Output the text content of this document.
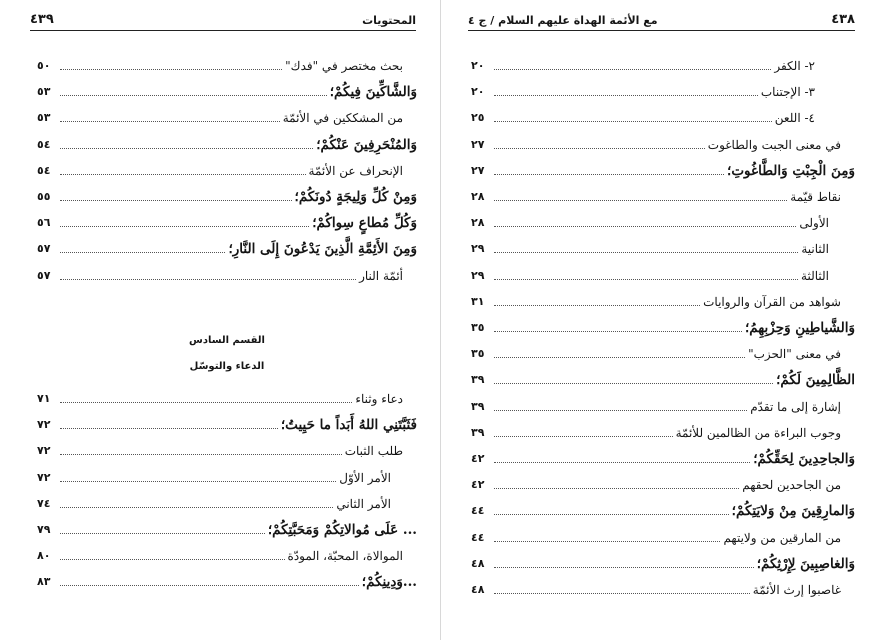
٤٣٩	المحتويات
بحث مختصر في "فدك"
٥٠
وَالشَّاكِّينَ فِيكُمْ؛
٥٣
من المشككين في الأئمّة
٥٣
وَالمُنْحَرِفِينَ عَنْكُمْ؛
٥٤
الإنحراف عن الأئمّة
٥٤
وَمِنْ كُلِّ وَلِيجَةٍ دُونَكُمْ؛
٥٥
وَكُلِّ مُطاعٍ سِواكُمْ؛
٥٦
وَمِنَ الأَئِمَّةِ الَّذِينَ يَدْعُونَ إِلَى النَّارِ؛
٥٧
أئمّة النار
٥٧
القسم السادس
الدعاء والتوسّل
دعاء وثناء
٧١
فَثَبَّتَنِي اللهُ أَبَداً ما حَيِيتُ؛
٧٢
طلب الثبات
٧٢
الأمر الأوّل
٧٢
الأمر الثاني
٧٤
... عَلَى مُوالاتِكُمْ وَمَحَبَّتِكُمْ؛
٧٩
الموالاة، المحبّة، المودّة
٨٠
...وَدِينِكُمْ؛
٨٣
٤٣٨
مع الأئمة الهداة عليهم السلام / ج ٤
٢- الكفر
٢٠
٣- الإجتناب
٢٠
٤- اللعن
٢٥
في معنى الجبت والطاغوت
٢٧
وَمِنَ الْجِبْتِ وَالطَّاغُوتِ؛
٢٧
نقاط قيّمة
٢٨
الأولى
٢٨
الثانية
٢٩
الثالثة
٢٩
شواهد من القرآن والروايات
٣١
وَالشَّياطِينِ وَحِزْبِهِمُ؛
٣٥
في معنى "الحزب"
٣٥
الظَّالِمِينَ لَكُمْ؛
٣٩
إشارة إلى ما تقدّم
٣٩
وجوب البراءة من الظالمين للأئمّة
٣٩
وَالجاحِدِينَ لِحَقِّكُمْ؛
٤٢
من الجاحدين لحقهم
٤٢
وَالمارِقِينَ مِنْ وَلايَتِكُمْ؛
٤٤
من المارقين من ولايتهم
٤٤
وَالغاصِبِينَ لِإِرْثِكُمْ؛
٤٨
غاصبوا إرث الأئمّة
٤٨
